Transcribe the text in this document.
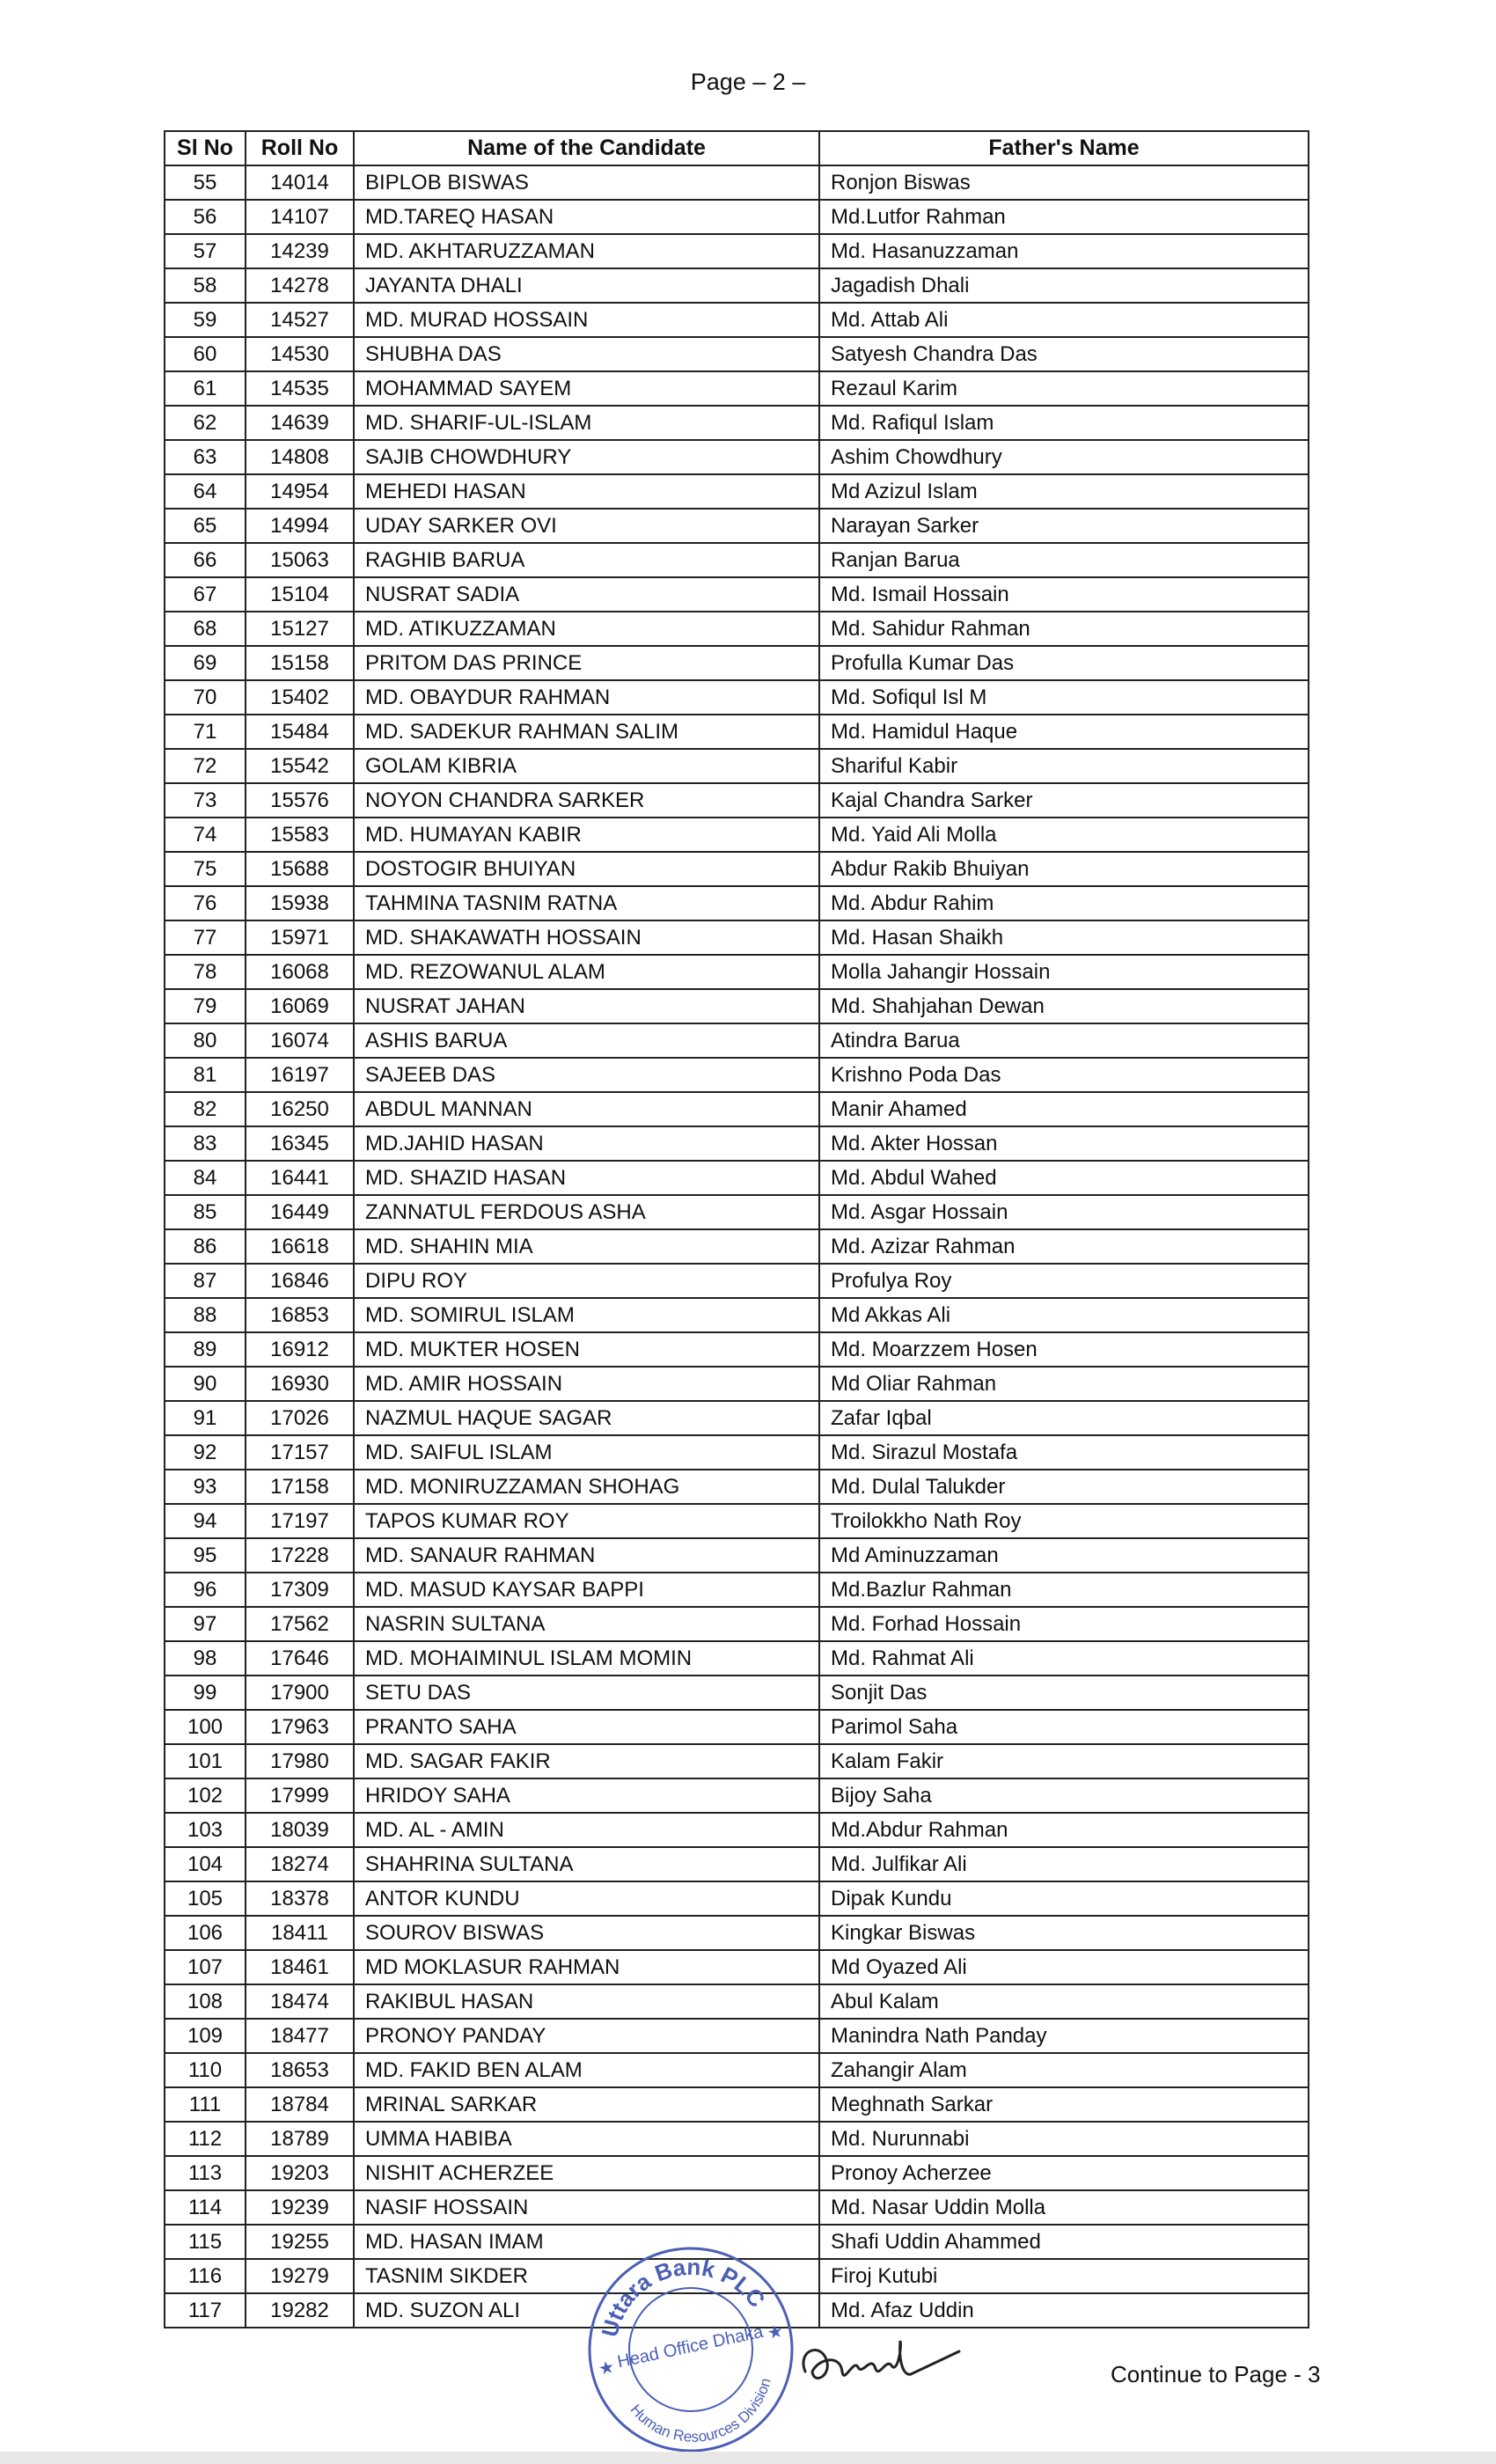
Page – 2 –
Sl No	Roll No	Name of the Candidate	Father's Name
55	14014	BIPLOB BISWAS	Ronjon Biswas
56	14107	MD.TAREQ HASAN	Md.Lutfor Rahman
57	14239	MD. AKHTARUZZAMAN	Md. Hasanuzzaman
58	14278	JAYANTA DHALI	Jagadish Dhali
59	14527	MD. MURAD HOSSAIN	Md. Attab Ali
60	14530	SHUBHA DAS	Satyesh Chandra Das
61	14535	MOHAMMAD SAYEM	Rezaul Karim
62	14639	MD. SHARIF-UL-ISLAM	Md. Rafiqul Islam
63	14808	SAJIB CHOWDHURY	Ashim Chowdhury
64	14954	MEHEDI HASAN	Md Azizul Islam
65	14994	UDAY SARKER OVI	Narayan Sarker
66	15063	RAGHIB BARUA	Ranjan Barua
67	15104	NUSRAT SADIA	Md. Ismail Hossain
68	15127	MD. ATIKUZZAMAN	Md. Sahidur Rahman
69	15158	PRITOM DAS PRINCE	Profulla Kumar Das
70	15402	MD. OBAYDUR RAHMAN	Md. Sofiqul Isl M
71	15484	MD. SADEKUR RAHMAN SALIM	Md. Hamidul Haque
72	15542	GOLAM KIBRIA	Shariful Kabir
73	15576	NOYON CHANDRA SARKER	Kajal Chandra Sarker
74	15583	MD. HUMAYAN KABIR	Md. Yaid Ali Molla
75	15688	DOSTOGIR BHUIYAN	Abdur Rakib Bhuiyan
76	15938	TAHMINA TASNIM RATNA	Md. Abdur Rahim
77	15971	MD. SHAKAWATH HOSSAIN	Md. Hasan Shaikh
78	16068	MD. REZOWANUL ALAM	Molla Jahangir Hossain
79	16069	NUSRAT JAHAN	Md. Shahjahan Dewan
80	16074	ASHIS BARUA	Atindra Barua
81	16197	SAJEEB DAS	Krishno Poda Das
82	16250	ABDUL MANNAN	Manir Ahamed
83	16345	MD.JAHID HASAN	Md. Akter Hossan
84	16441	MD. SHAZID HASAN	Md. Abdul Wahed
85	16449	ZANNATUL FERDOUS ASHA	Md. Asgar Hossain
86	16618	MD. SHAHIN MIA	Md. Azizar Rahman
87	16846	DIPU ROY	Profulya Roy
88	16853	MD. SOMIRUL ISLAM	Md Akkas Ali
89	16912	MD. MUKTER HOSEN	Md. Moarzzem Hosen
90	16930	MD. AMIR HOSSAIN	Md Oliar Rahman
91	17026	NAZMUL HAQUE SAGAR	Zafar Iqbal
92	17157	MD. SAIFUL ISLAM	Md. Sirazul Mostafa
93	17158	MD. MONIRUZZAMAN SHOHAG	Md. Dulal Talukder
94	17197	TAPOS KUMAR ROY	Troilokkho Nath Roy
95	17228	MD. SANAUR RAHMAN	Md Aminuzzaman
96	17309	MD. MASUD KAYSAR BAPPI	Md.Bazlur Rahman
97	17562	NASRIN SULTANA	Md. Forhad Hossain
98	17646	MD. MOHAIMINUL ISLAM MOMIN	Md. Rahmat Ali
99	17900	SETU DAS	Sonjit Das
100	17963	PRANTO SAHA	Parimol Saha
101	17980	MD. SAGAR FAKIR	Kalam Fakir
102	17999	HRIDOY SAHA	Bijoy Saha
103	18039	MD. AL - AMIN	Md.Abdur Rahman
104	18274	SHAHRINA SULTANA	Md. Julfikar Ali
105	18378	ANTOR KUNDU	Dipak Kundu
106	18411	SOUROV BISWAS	Kingkar Biswas
107	18461	MD MOKLASUR RAHMAN	Md Oyazed Ali
108	18474	RAKIBUL HASAN	Abul Kalam
109	18477	PRONOY PANDAY	Manindra Nath Panday
110	18653	MD. FAKID BEN ALAM	Zahangir Alam
111	18784	MRINAL SARKAR	Meghnath Sarkar
112	18789	UMMA HABIBA	Md. Nurunnabi
113	19203	NISHIT ACHERZEE	Pronoy Acherzee
114	19239	NASIF HOSSAIN	Md. Nasar Uddin Molla
115	19255	MD. HASAN IMAM	Shafi Uddin Ahammed
116	19279	TASNIM SIKDER	Firoj Kutubi
117	19282	MD. SUZON ALI	Md. Afaz Uddin
Uttara Bank PLC
Head Office Dhaka
Human Resources Division
★
★
Continue to Page - 3
